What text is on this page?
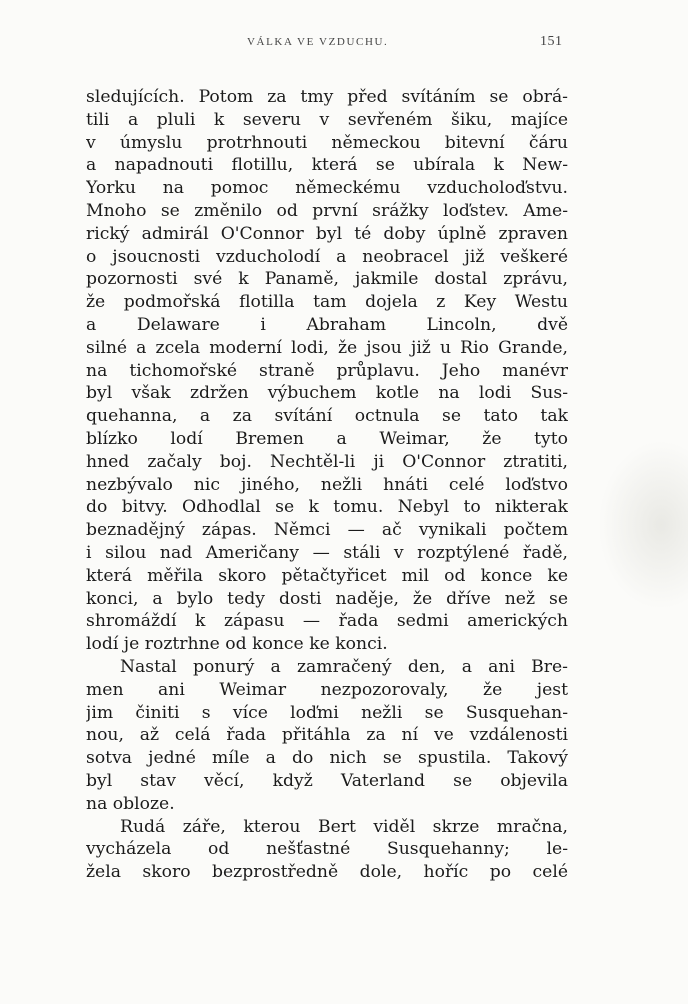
VÁLKA VE VZDUCHU.	151
sledujících. Potom za tmy před svítáním se obrá-
tili a pluli k severu v sevřeném šiku, majíce
v úmyslu protrhnouti německou bitevní čáru
a napadnouti flotillu, která se ubírala k New-
Yorku na pomoc německému vzducholoďstvu.
Mnoho se změnilo od první srážky loďstev. Ame-
rický admirál O'Connor byl té doby úplně zpraven
o jsoucnosti vzducholodí a neobracel již veškeré
pozornosti své k Panamě, jakmile dostal zprávu,
že podmořská flotilla tam dojela z Key Westu
a Delaware i Abraham Lincoln, dvě
silné a zcela moderní lodi, že jsou již u Rio Grande,
na tichomořské straně průplavu. Jeho manévr
byl však zdržen výbuchem kotle na lodi Sus-
quehanna, a za svítání octnula se tato tak
blízko lodí Bremen a Weimar, že tyto
hned začaly boj. Nechtěl-li ji O'Connor ztratiti,
nezbývalo nic jiného, nežli hnáti celé loďstvo
do bitvy. Odhodlal se k tomu. Nebyl to nikterak
beznadějný zápas. Němci — ač vynikali počtem
i silou nad Američany — stáli v rozptýlené řadě,
která měřila skoro pětačtyřicet mil od konce ke
konci, a bylo tedy dosti naděje, že dříve než se
shromáždí k zápasu — řada sedmi amerických
lodí je roztrhne od konce ke konci.
Nastal ponurý a zamračený den, a ani Bre-
men ani Weimar nezpozorovaly, že jest
jim činiti s více loďmi nežli se Susquehan-
nou, až celá řada přitáhla za ní ve vzdálenosti
sotva jedné míle a do nich se spustila. Takový
byl stav věcí, když Vaterland se objevila
na obloze.
Rudá záře, kterou Bert viděl skrze mračna,
vycházela od nešťastné Susquehanny; le-
žela skoro bezprostředně dole, hoříc po celé
